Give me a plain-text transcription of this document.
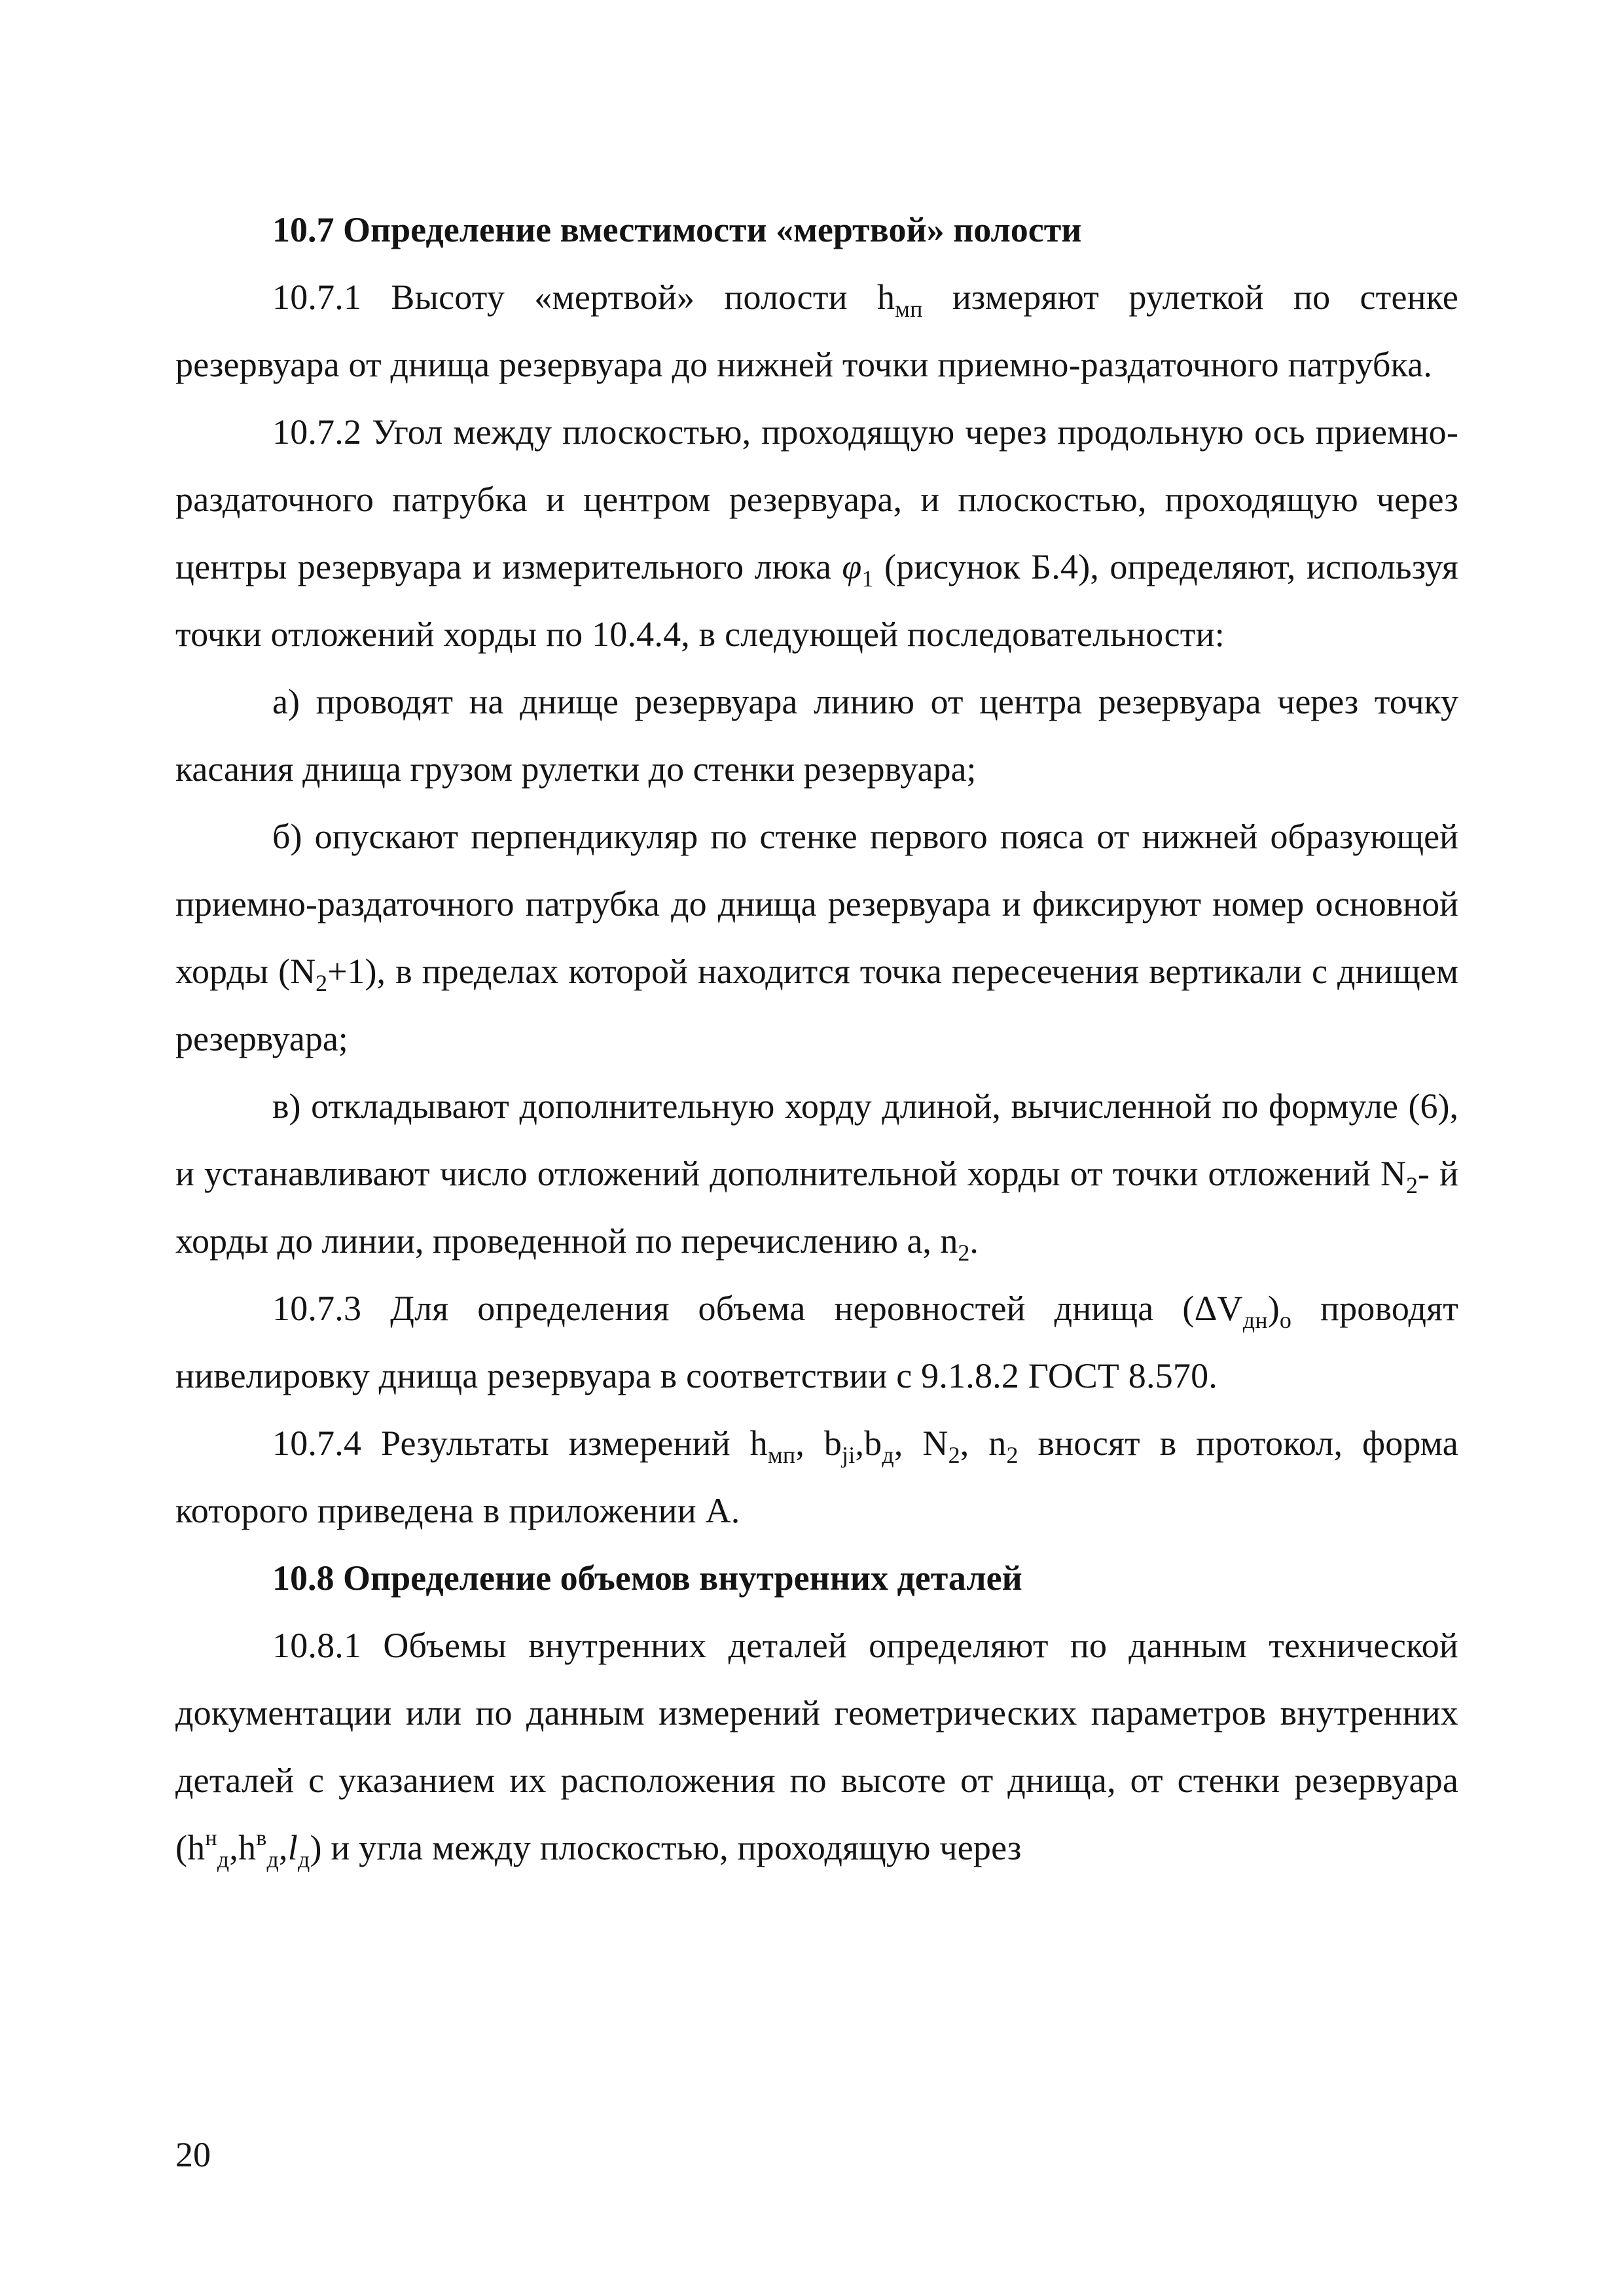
10.7 Определение вместимости «мертвой» полости

10.7.1 Высоту «мертвой» полости $h_{мп}$ измеряют рулеткой по стенке резервуара от днища резервуара до нижней точки приемно-раздаточного патрубка.

10.7.2 Угол между плоскостью, проходящую через продольную ось приемно-раздаточного патрубка и центром резервуара, и плоскостью, проходящую через центры резервуара и измерительного люка $\varphi_1$ (рисунок Б.4), определяют, используя точки отложений хорды по 10.4.4, в следующей последовательности:

а) проводят на днище резервуара линию от центра резервуара через точку касания днища грузом рулетки до стенки резервуара;

б) опускают перпендикуляр по стенке первого пояса от нижней образующей приемно-раздаточного патрубка до днища резервуара и фиксируют номер основной хорды $(N_2+1)$, в пределах которой находится точка пересечения вертикали с днищем резервуара;

в) откладывают дополнительную хорду длиной, вычисленной по формуле (6), и устанавливают число отложений дополнительной хорды от точки отложений $N_2-$ й хорды до линии, проведенной по перечислению а, $n_2$.

10.7.3 Для определения объема неровностей днища $(\Delta V_{дн})_о$ проводят нивелировку днища резервуара в соответствии с 9.1.8.2 ГОСТ 8.570.

10.7.4 Результаты измерений $h_{мп}$, $b_{ji},b_д$, $N_2$, $n_2$ вносят в протокол, форма которого приведена в приложении А.

10.8 Определение объемов внутренних деталей

10.8.1 Объемы внутренних деталей определяют по данным технической документации или по данным измерений геометрических параметров внутренних деталей с указанием их расположения по высоте от днища, от стенки резервуара $(h^н_д,h^в_д,l_д)$ и угла между плоскостью, проходящую через

20
